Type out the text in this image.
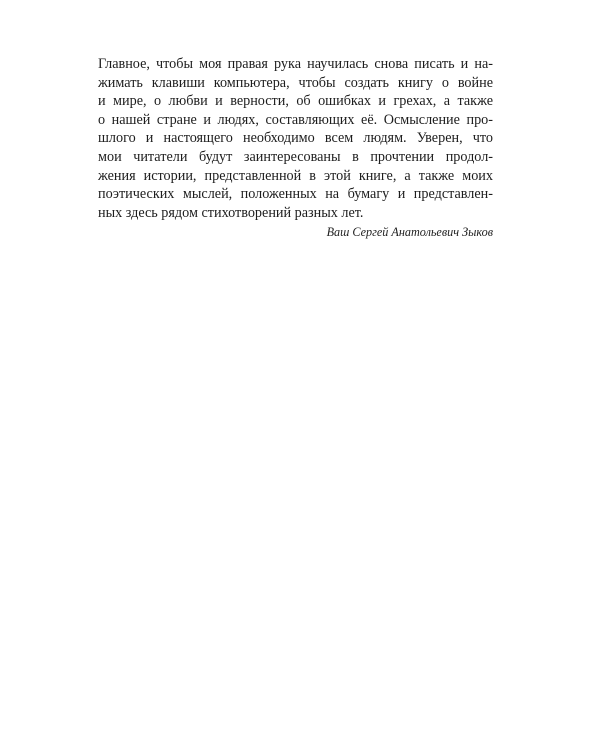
Главное, чтобы моя правая рука научилась снова писать и на-
жимать клавиши компьютера, чтобы создать книгу о войне
и мире, о любви и верности, об ошибках и грехах, а также
о нашей стране и людях, составляющих её. Осмысление про-
шлого и настоящего необходимо всем людям. Уверен, что
мои читатели будут заинтересованы в прочтении продол-
жения истории, представленной в этой книге, а также моих
поэтических мыслей, положенных на бумагу и представлен-
ных здесь рядом стихотворений разных лет.
Ваш Сергей Анатольевич Зыков
